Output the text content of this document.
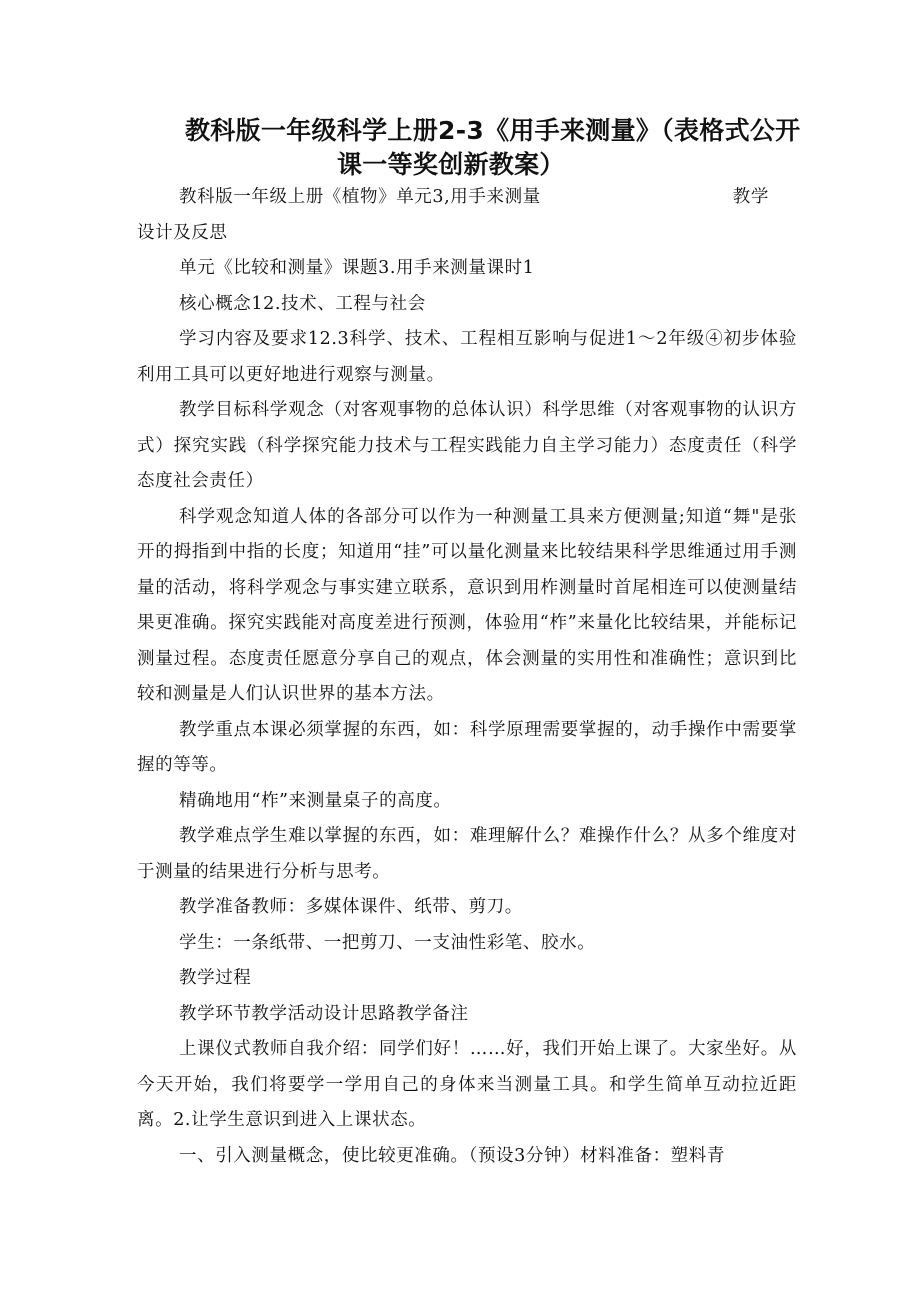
教科版一年级科学上册2-3《用手来测量》（表格式公开
课一等奖创新教案）

教科版一年级上册《植物》单元3,用手来测量	教学

设计及反思

单元《比较和测量》课题3.用手来测量课时1

核心概念12.技术、工程与社会

学习内容及要求12.3科学、技术、工程相互影响与促进1～2年级④初步体验利用工具可以更好地进行观察与测量。

教学目标科学观念（对客观事物的总体认识）科学思维（对客观事物的认识方式）探究实践（科学探究能力技术与工程实践能力自主学习能力）态度责任（科学态度社会责任）

科学观念知道人体的各部分可以作为一种测量工具来方便测量;知道“舞"是张开的拇指到中指的长度；知道用“挂”可以量化测量来比较结果科学思维通过用手测量的活动，将科学观念与事实建立联系，意识到用柞测量时首尾相连可以使测量结果更准确。探究实践能对高度差进行预测，体验用“柞”来量化比较结果，并能标记测量过程。态度责任愿意分享自己的观点，体会测量的实用性和准确性；意识到比较和测量是人们认识世界的基本方法。

教学重点本课必须掌握的东西，如：科学原理需要掌握的，动手操作中需要掌握的等等。

精确地用“柞”来测量桌子的高度。

教学难点学生难以掌握的东西，如：难理解什么？难操作什么？从多个维度对于测量的结果进行分析与思考。

教学准备教师：多媒体课件、纸带、剪刀。

学生：一条纸带、一把剪刀、一支油性彩笔、胶水。

教学过程

教学环节教学活动设计思路教学备注

上课仪式教师自我介绍：同学们好！……好，我们开始上课了。大家坐好。从今天开始，我们将要学一学用自己的身体来当测量工具。和学生简单互动拉近距离。2.让学生意识到进入上课状态。

一、引入测量概念，使比较更准确。（预设3分钟）材料准备：塑料青
